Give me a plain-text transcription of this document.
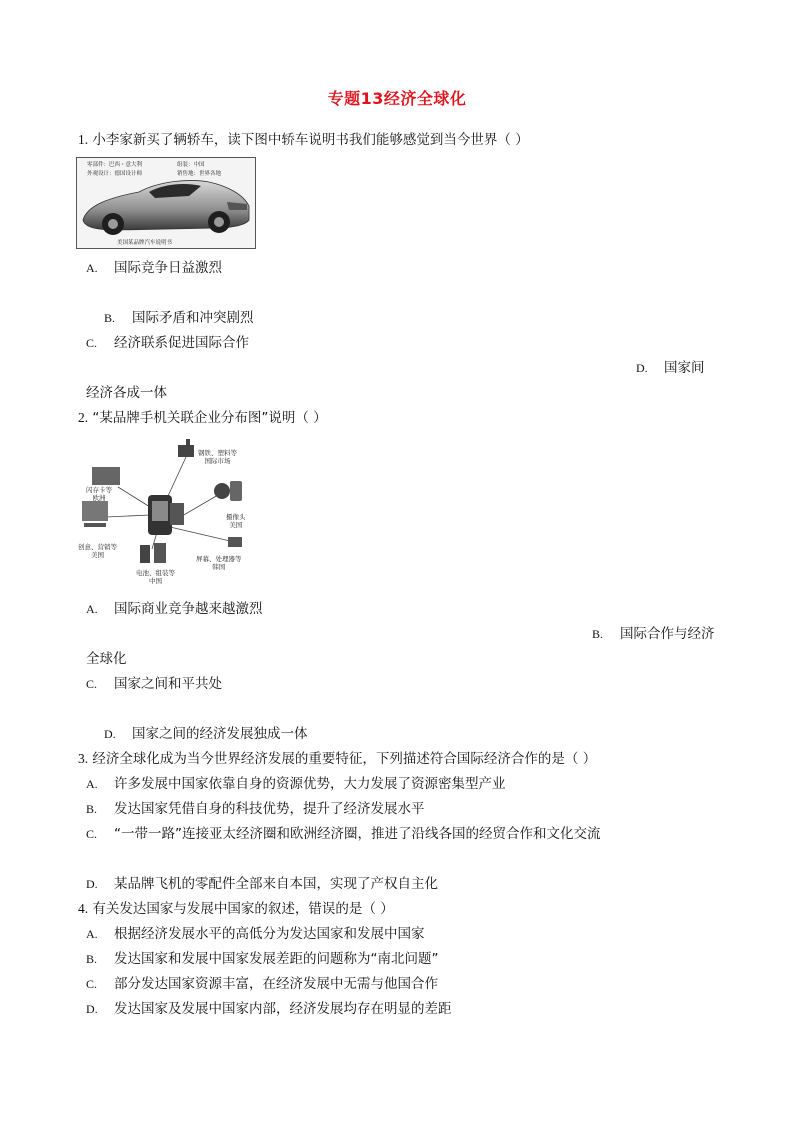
专题13经济全球化
1. 小李家新买了辆轿车，读下图中轿车说明书我们能够感觉到当今世界（ ）
零部件：巴西・意大利
外观设计：德国设计师
组装：中国
销售地：世界各地
美国某品牌汽车说明书
A. 国际竞争日益激烈
B. 国际矛盾和冲突剧烈
C. 经济联系促进国际合作
D. 国家间
经济各成一体
2. “某品牌手机关联企业分布图”说明（ ）
钢铁、塑料等
国际市场
闪存卡等
欧洲
摄像头
美国
创意、营销等
美国	屏幕、处理器等
韩国
电池、组装等
中国
A. 国际商业竞争越来越激烈
B. 国际合作与经济
全球化
C. 国家之间和平共处
D. 国家之间的经济发展独成一体
3. 经济全球化成为当今世界经济发展的重要特征，下列描述符合国际经济合作的是（ ）
A. 许多发展中国家依靠自身的资源优势，大力发展了资源密集型产业
B. 发达国家凭借自身的科技优势，提升了经济发展水平
C. “一带一路”连接亚太经济圈和欧洲经济圈，推进了沿线各国的经贸合作和文化交流
D. 某品牌飞机的零配件全部来自本国，实现了产权自主化
4. 有关发达国家与发展中国家的叙述，错误的是（ ）
A. 根据经济发展水平的高低分为发达国家和发展中国家
B. 发达国家和发展中国家发展差距的问题称为“南北问题”
C. 部分发达国家资源丰富，在经济发展中无需与他国合作
D. 发达国家及发展中国家内部，经济发展均存在明显的差距
